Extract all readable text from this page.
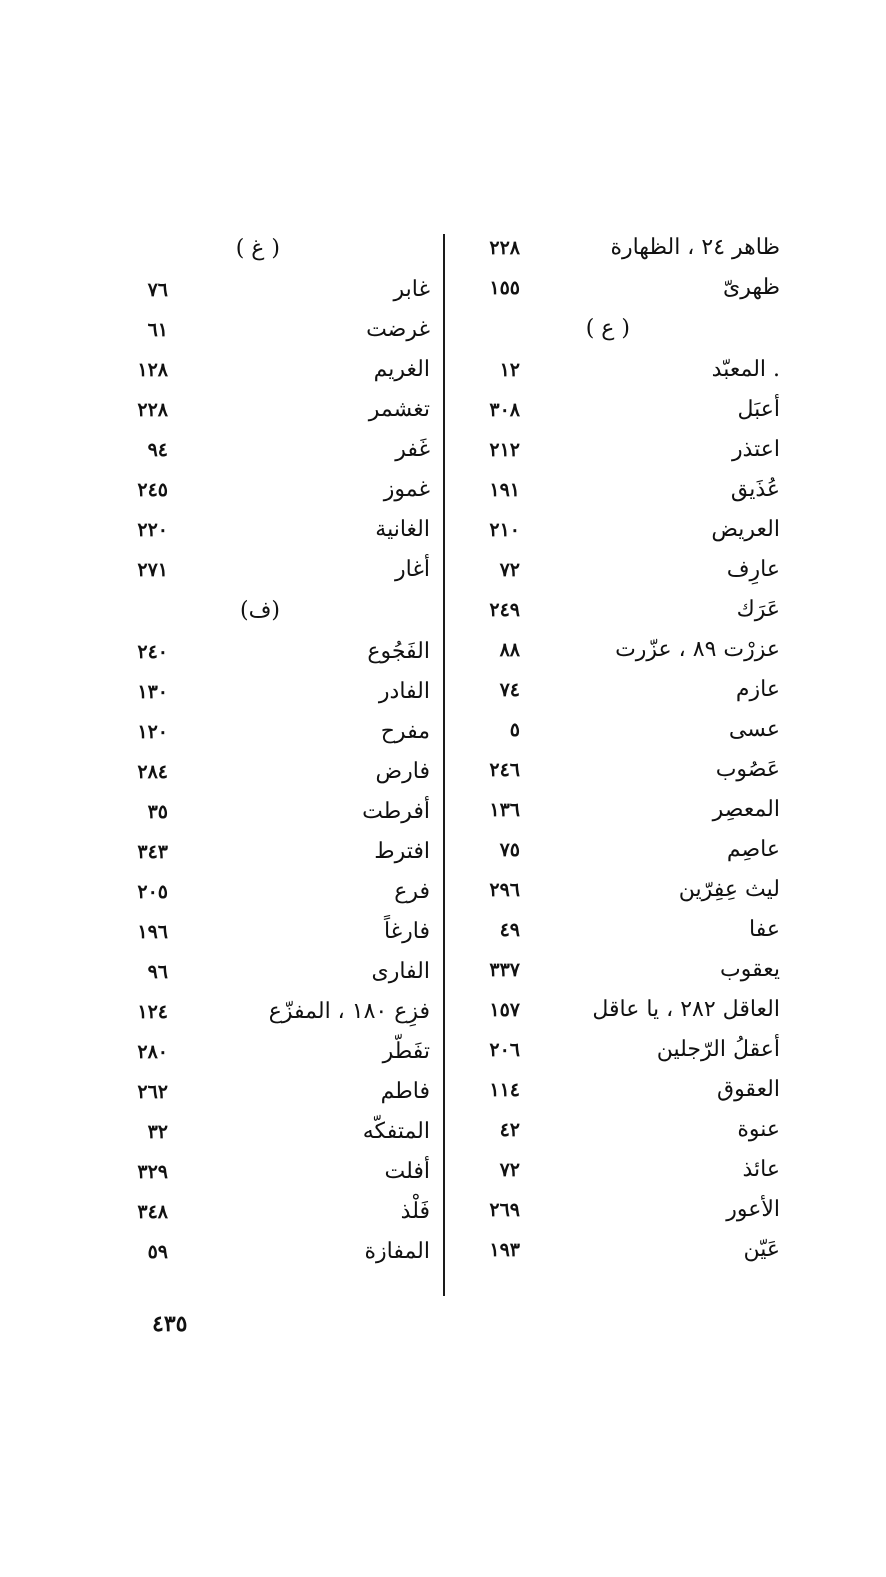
ظاهر ٢٤ ، الظهارة
٢٢٨
ظهرىّ
١٥٥
( ع )
. المعبّد
١٢
أعبَل
٣٠٨
اعتذر
٢١٢
عُذَيق
١٩١
العريض
٢١٠
عارِف
٧٢
عَرَك
٢٤٩
عزرْت ٨٩ ، عزّرت
٨٨
عازم
٧٤
عسى
٥
عَصُوب
٢٤٦
المعصِر
١٣٦
عاصِم
٧٥
ليث عِفِرّين
٢٩٦
عفا
٤٩
يعقوب
٣٣٧
العاقل ٢٨٢ ، يا عاقل
١٥٧
أعقلُ الرّجلين
٢٠٦
العقوق
١١٤
عنوة
٤٢
عائذ
٧٢
الأعور
٢٦٩
عَيّن
١٩٣
( غ )
غابر
٧٦
غرضت
٦١
الغريم
١٢٨
تغشمر
٢٢٨
غَفر
٩٤
غموز
٢٤٥
الغانية
٢٢٠
أغار
٢٧١
(ف)
الفَجُوع
٢٤٠
الفادر
١٣٠
مفرح
١٢٠
فارض
٢٨٤
أفرطت
٣٥
افترط
٣٤٣
فرع
٢٠٥
فارغاً
١٩٦
الفارى
٩٦
فزِع ١٨٠ ، المفزّع
١٢٤
تفَطّر
٢٨٠
فاطم
٢٦٢
المتفكّه
٣٢
أفلت
٣٢٩
فَلْذ
٣٤٨
المفازة
٥٩
٤٣٥
